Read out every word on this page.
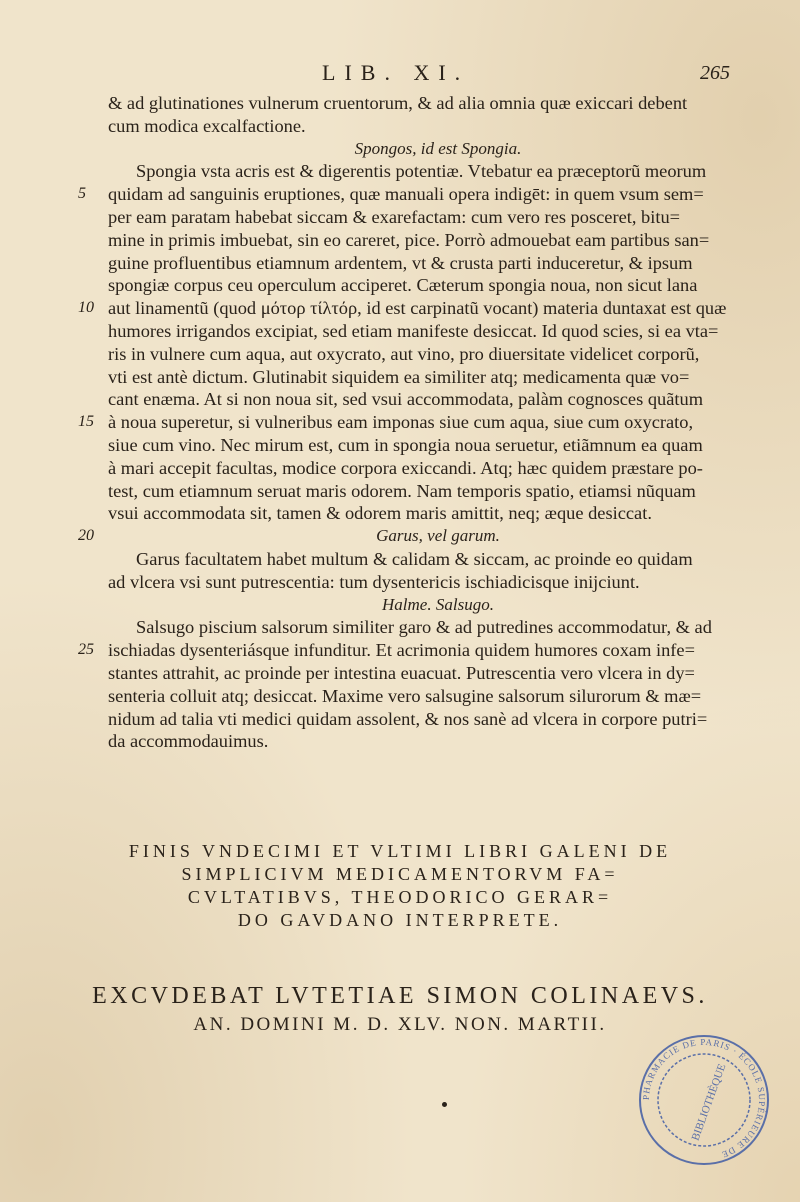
LIB. XI.	265
& ad glutinationes vulnerum cruentorum, & ad alia omnia quæ exiccari debent
cum modica excalfactione.
Spongos, id est Spongia.
Spongia vsta acris est & digerentis potentiæ. Vtebatur ea præceptorũ meorum
5 quidam ad sanguinis eruptiones, quæ manuali opera indigēt: in quem vsum sem=
per eam paratam habebat siccam & exarefactam: cum vero res posceret, bitu=
mine in primis imbuebat, sin eo careret, pice. Porrò admouebat eam partibus san=
guine profluentibus etiamnum ardentem, vt & crusta parti induceretur, & ipsum
spongiæ corpus ceu operculum acciperet. Cæterum spongia noua, non sicut lana
10 aut linamentũ (quod μότορ τίλτόρ, id est carpinatũ vocant) materia duntaxat est quæ
humores irrigandos excipiat, sed etiam manifeste desiccat. Id quod scies, si ea vta=
ris in vulnere cum aqua, aut oxycrato, aut vino, pro diuersitate videlicet corporũ,
vti est antè dictum. Glutinabit siquidem ea similiter atq; medicamenta quæ vo=
cant enæma. At si non noua sit, sed vsui accommodata, palàm cognosces quãtum
15 à noua superetur, si vulneribus eam imponas siue cum aqua, siue cum oxycrato,
siue cum vino. Nec mirum est, cum in spongia noua seruetur, etiãmnum ea quam
à mari accepit facultas, modice corpora exiccandi. Atq; hæc quidem præstare po-
test, cum etiamnum seruat maris odorem. Nam temporis spatio, etiamsi nũquam
vsui accommodata sit, tamen & odorem maris amittit, neq; æque desiccat.
20	Garus, vel garum.
Garus facultatem habet multum & calidam & siccam, ac proinde eo quidam
ad vlcera vsi sunt putrescentia: tum dysentericis ischiadicisque inijciunt.
Halme. Salsugo.
Salsugo piscium salsorum similiter garo & ad putredines accommodatur, & ad
25 ischiadas dysenteriásque infunditur. Et acrimonia quidem humores coxam infe=
stantes attrahit, ac proinde per intestina euacuat. Putrescentia vero vlcera in dy=
senteria colluit atq; desiccat. Maxime vero salsugine salsorum silurorum & mæ=
nidum ad talia vti medici quidam assolent, & nos sanè ad vlcera in corpore putri=
da accommodauimus.
FINIS VNDECIMI ET VLTIMI LIBRI GALENI DE
SIMPLICIVM MEDICAMENTORVM FA=
CVLTATIBVS, THEODORICO GERAR=
DO GAVDANO INTERPRETE.
EXCVDEBAT LVTETIAE SIMON COLINAEVS.
AN. DOMINI M. D. XLV. NON. MARTII.
PHARMACIE DE PARIS · ÉCOLE SUPÉRIEURE DE
BIBLIOTHÈQUE
